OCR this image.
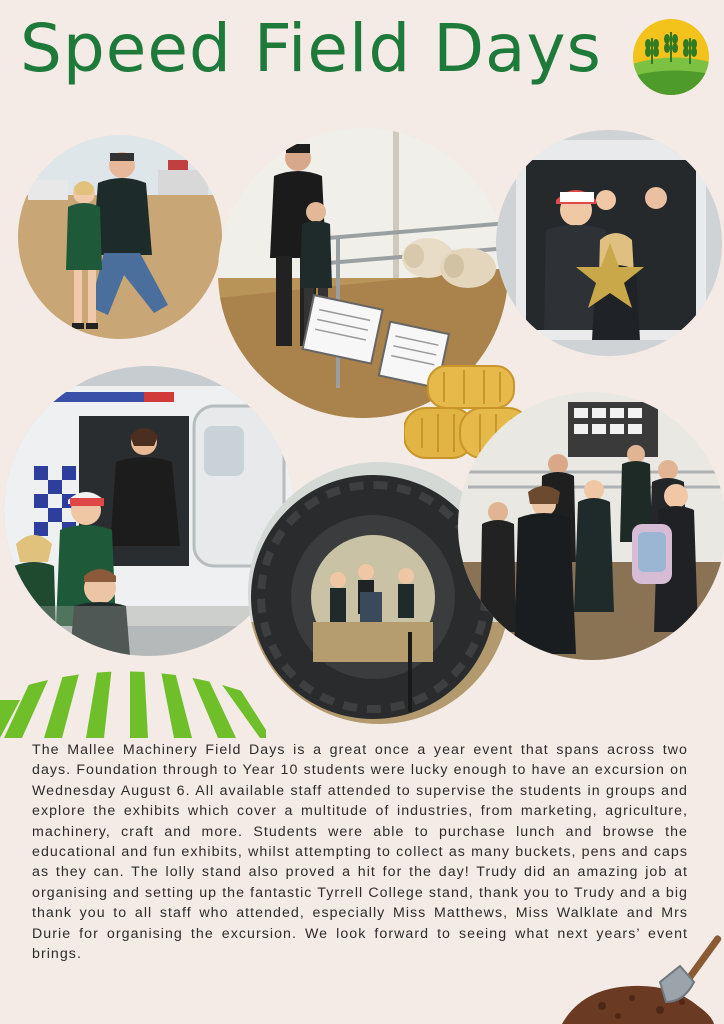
Speed Field Days

The Mallee Machinery Field Days is a great once a year event that spans across two days. Foundation through to Year 10 students were lucky enough to have an excursion on Wednesday August 6. All available staff attended to supervise the students in groups and explore the exhibits which cover a multitude of industries, from marketing, agriculture, machinery, craft and more. Students were able to purchase lunch and browse the educational and fun exhibits, whilst attempting to collect as many buckets, pens and caps as they can. The lolly stand also proved a hit for the day! Trudy did an amazing job at organising and setting up the fantastic Tyrrell College stand, thank you to Trudy and a big thank you to all staff who attended, especially Miss Matthews, Miss Walklate and Mrs Durie for organising the excursion. We look forward to seeing what next years’ event brings.
